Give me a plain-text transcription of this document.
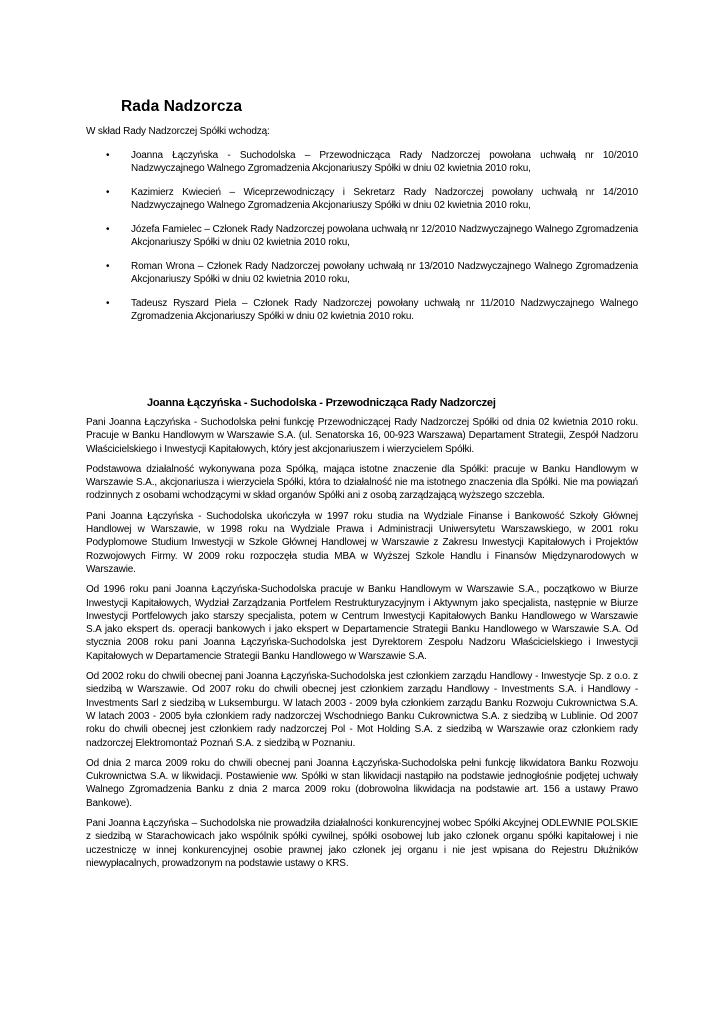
Rada Nadzorcza
W skład Rady Nadzorczej Spółki wchodzą:
• Joanna Łączyńska - Suchodolska – Przewodnicząca Rady Nadzorczej powołana uchwałą nr 10/2010 Nadzwyczajnego Walnego Zgromadzenia Akcjonariuszy Spółki w dniu 02 kwietnia 2010 roku,
• Kazimierz Kwiecień – Wiceprzewodniczący i Sekretarz Rady Nadzorczej powołany uchwałą nr 14/2010 Nadzwyczajnego Walnego Zgromadzenia Akcjonariuszy Spółki w dniu 02 kwietnia 2010 roku,
• Józefa Famielec – Członek Rady Nadzorczej powołana uchwałą nr 12/2010 Nadzwyczajnego Walnego Zgromadzenia Akcjonariuszy Spółki w dniu 02 kwietnia 2010 roku,
• Roman Wrona – Członek Rady Nadzorczej powołany uchwałą nr 13/2010 Nadzwyczajnego Walnego Zgromadzenia Akcjonariuszy Spółki w dniu 02 kwietnia 2010 roku,
• Tadeusz Ryszard Piela – Członek Rady Nadzorczej powołany uchwałą nr 11/2010 Nadzwyczajnego Walnego Zgromadzenia Akcjonariuszy Spółki w dniu 02 kwietnia 2010 roku.
Joanna Łączyńska - Suchodolska - Przewodnicząca Rady Nadzorczej

Pani Joanna Łączyńska - Suchodolska pełni funkcję Przewodniczącej Rady Nadzorczej Spółki od dnia 02 kwietnia 2010 roku. Pracuje w Banku Handlowym w Warszawie S.A. (ul. Senatorska 16, 00-923 Warszawa) Departament Strategii, Zespół Nadzoru Właścicielskiego i Inwestycji Kapitałowych, który jest akcjonariuszem i wierzycielem Spółki.

Podstawowa działalność wykonywana poza Spółką, mająca istotne znaczenie dla Spółki: pracuje w Banku Handlowym w Warszawie S.A., akcjonariusza i wierzyciela Spółki, która to działalność nie ma istotnego znaczenia dla Spółki. Nie ma powiązań rodzinnych z osobami wchodzącymi w skład organów Spółki ani z osobą zarządzającą wyższego szczebla.

Pani Joanna Łączyńska - Suchodolska ukończyła w 1997 roku studia na Wydziale Finanse i Bankowość Szkoły Głównej Handlowej w Warszawie, w 1998 roku na Wydziale Prawa i Administracji Uniwersytetu Warszawskiego, w 2001 roku Podyplomowe Studium Inwestycji w Szkole Głównej Handlowej w Warszawie z Zakresu Inwestycji Kapitałowych i Projektów Rozwojowych Firmy. W 2009 roku rozpoczęła studia MBA w Wyższej Szkole Handlu i Finansów Międzynarodowych w Warszawie.

Od 1996 roku pani Joanna Łączyńska-Suchodolska pracuje w Banku Handlowym w Warszawie S.A., początkowo w Biurze Inwestycji Kapitałowych, Wydział Zarządzania Portfelem Restrukturyzacyjnym i Aktywnym jako specjalista, następnie w Biurze Inwestycji Portfelowych jako starszy specjalista, potem w Centrum Inwestycji Kapitałowych Banku Handlowego w Warszawie S.A jako ekspert ds. operacji bankowych i jako ekspert w Departamencie Strategii Banku Handlowego w Warszawie S.A. Od stycznia 2008 roku pani Joanna Łączyńska-Suchodolska jest Dyrektorem Zespołu Nadzoru Właścicielskiego i Inwestycji Kapitałowych w Departamencie Strategii Banku Handlowego w Warszawie S.A.

Od 2002 roku do chwili obecnej pani Joanna Łączyńska-Suchodolska jest członkiem zarządu Handlowy - Inwestycje Sp. z o.o. z siedzibą w Warszawie. Od 2007 roku do chwili obecnej jest członkiem zarządu Handlowy - Investments S.A. i Handlowy - Investments Sarl z siedzibą w Luksemburgu. W latach 2003 - 2009 była członkiem zarządu Banku Rozwoju Cukrownictwa S.A. W latach 2003 - 2005 była członkiem rady nadzorczej Wschodniego Banku Cukrownictwa S.A. z siedzibą w Lublinie. Od 2007 roku do chwili obecnej jest członkiem rady nadzorczej Pol - Mot Holding S.A. z siedzibą w Warszawie oraz członkiem rady nadzorczej Elektromontaż Poznań S.A. z siedzibą w Poznaniu.

Od dnia 2 marca 2009 roku do chwili obecnej pani Joanna Łączyńska-Suchodolska pełni funkcję likwidatora Banku Rozwoju Cukrownictwa S.A. w likwidacji. Postawienie ww. Spółki w stan likwidacji nastąpiło na podstawie jednogłośnie podjętej uchwały Walnego Zgromadzenia Banku z dnia 2 marca 2009 roku (dobrowolna likwidacja na podstawie art. 156 a ustawy Prawo Bankowe).

Pani Joanna Łączyńska – Suchodolska nie prowadziła działalności konkurencyjnej wobec Spółki Akcyjnej ODLEWNIE POLSKIE z siedzibą w Starachowicach jako wspólnik spółki cywilnej, spółki osobowej lub jako członek organu spółki kapitałowej i nie uczestniczę w innej konkurencyjnej osobie prawnej jako członek jej organu i nie jest wpisana do Rejestru Dłużników niewypłacalnych, prowadzonym na podstawie ustawy o KRS.
